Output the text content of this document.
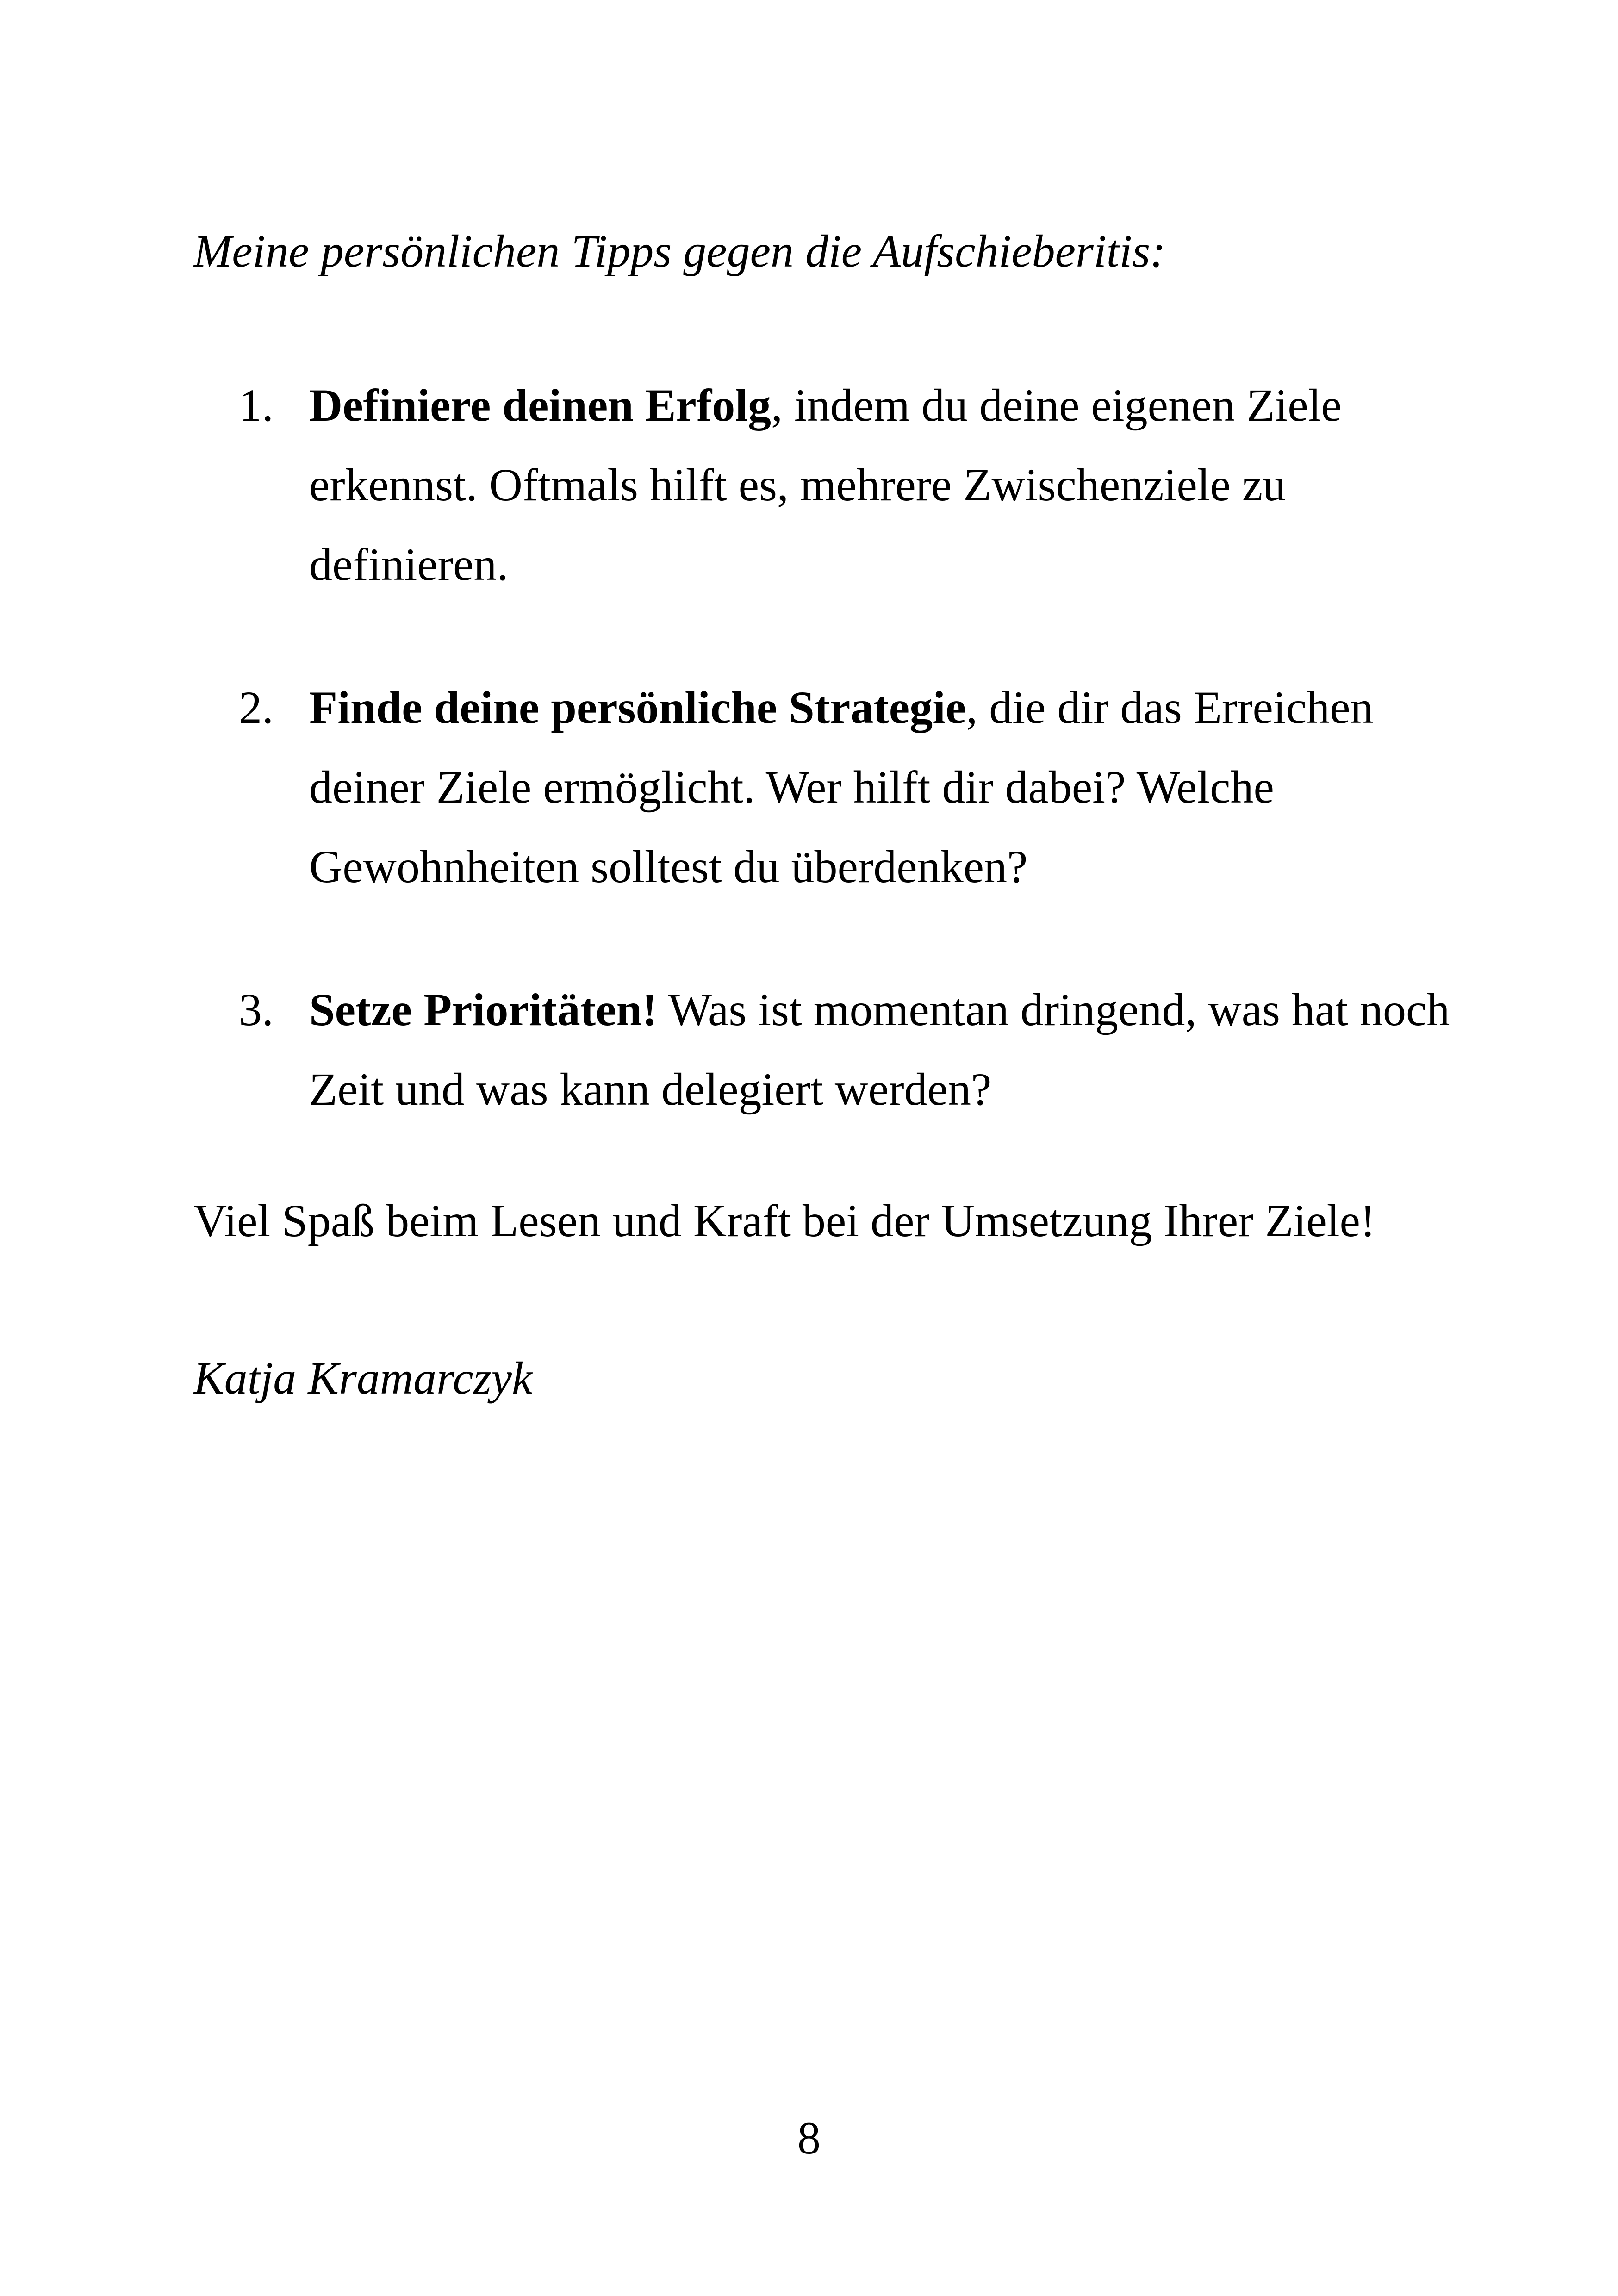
Meine persönlichen Tipps gegen die Aufschieberitis:

1. Definiere deinen Erfolg, indem du deine eigenen Ziele erkennst. Oftmals hilft es, mehrere Zwischenziele zu definieren.

2. Finde deine persönliche Strategie, die dir das Erreichen deiner Ziele ermöglicht. Wer hilft dir dabei? Welche Gewohnheiten solltest du überdenken?

3. Setze Prioritäten! Was ist momentan dringend, was hat noch Zeit und was kann delegiert werden?

Viel Spaß beim Lesen und Kraft bei der Umsetzung Ihrer Ziele!

Katja Kramarczyk

8
